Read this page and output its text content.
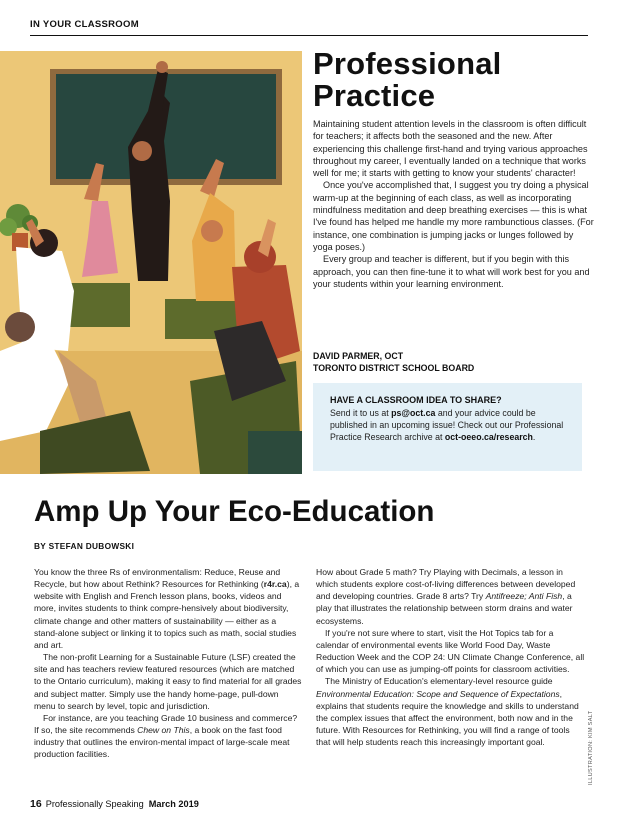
IN YOUR CLASSROOM
Professional
Practice

Maintaining student attention levels in the classroom is often difficult for teachers; it affects both the seasoned and the new. After experiencing this challenge first-hand and trying various approaches throughout my career, I eventually landed on a technique that works well for me; it starts with getting to know your students' character!

Once you've accomplished that, I suggest you try doing a physical warm-up at the beginning of each class, as well as incorporating mindfulness meditation and deep breathing exercises — this is what I've found has helped me handle my more rambunctious classes. (For instance, one combination is jumping jacks or lunges followed by yoga poses.)

Every group and teacher is different, but if you begin with this approach, you can then fine-tune it to what will work best for you and your students within your learning environment.

DAVID PARMER, OCT
TORONTO DISTRICT SCHOOL BOARD
HAVE A CLASSROOM IDEA TO SHARE?
Send it to us at ps@oct.ca and your advice could be published in an upcoming issue! Check out our Professional Practice Research archive at oct-oeeo.ca/research.
Amp Up Your Eco-Education
BY STEFAN DUBOWSKI

You know the three Rs of environmentalism: Reduce, Reuse and Recycle, but how about Rethink? Resources for Rethinking (r4r.ca), a website with English and French lesson plans, books, videos and more, invites students to think compre-hensively about biodiversity, climate change and other matters of sustainability — either as a stand-alone subject or linking it to topics such as math, social studies and art.

The non-profit Learning for a Sustainable Future (LSF) created the site and has teachers review featured resources (which are matched to the Ontario curriculum), making it easy to find material for all grades and subject matter. Simply use the handy home-page, pull-down menu to search by level, topic and jurisdiction.

For instance, are you teaching Grade 10 business and commerce? If so, the site recommends Chew on This, a book on the fast food industry that outlines the environ-mental impact of large-scale meat production facilities.

How about Grade 5 math? Try Playing with Decimals, a lesson in which students explore cost-of-living differences between developed and developing countries. Grade 8 arts? Try Antifreeze; Anti Fish, a play that illustrates the relationship between storm drains and water ecosystems.

If you're not sure where to start, visit the Hot Topics tab for a calendar of environmental events like World Food Day, Waste Reduction Week and the COP 24: UN Climate Change Conference, all of which you can use as jumping-off points for classroom activities.

The Ministry of Education's elementary-level resource guide Environmental Education: Scope and Sequence of Expectations, explains that students require the knowledge and skills to understand the complex issues that affect the environment, both now and in the future. With Resources for Rethinking, you will find a range of tools that will help students reach this increasingly important goal.	ILLUSTRATION: KIM SALT
16 Professionally Speaking March 2019
